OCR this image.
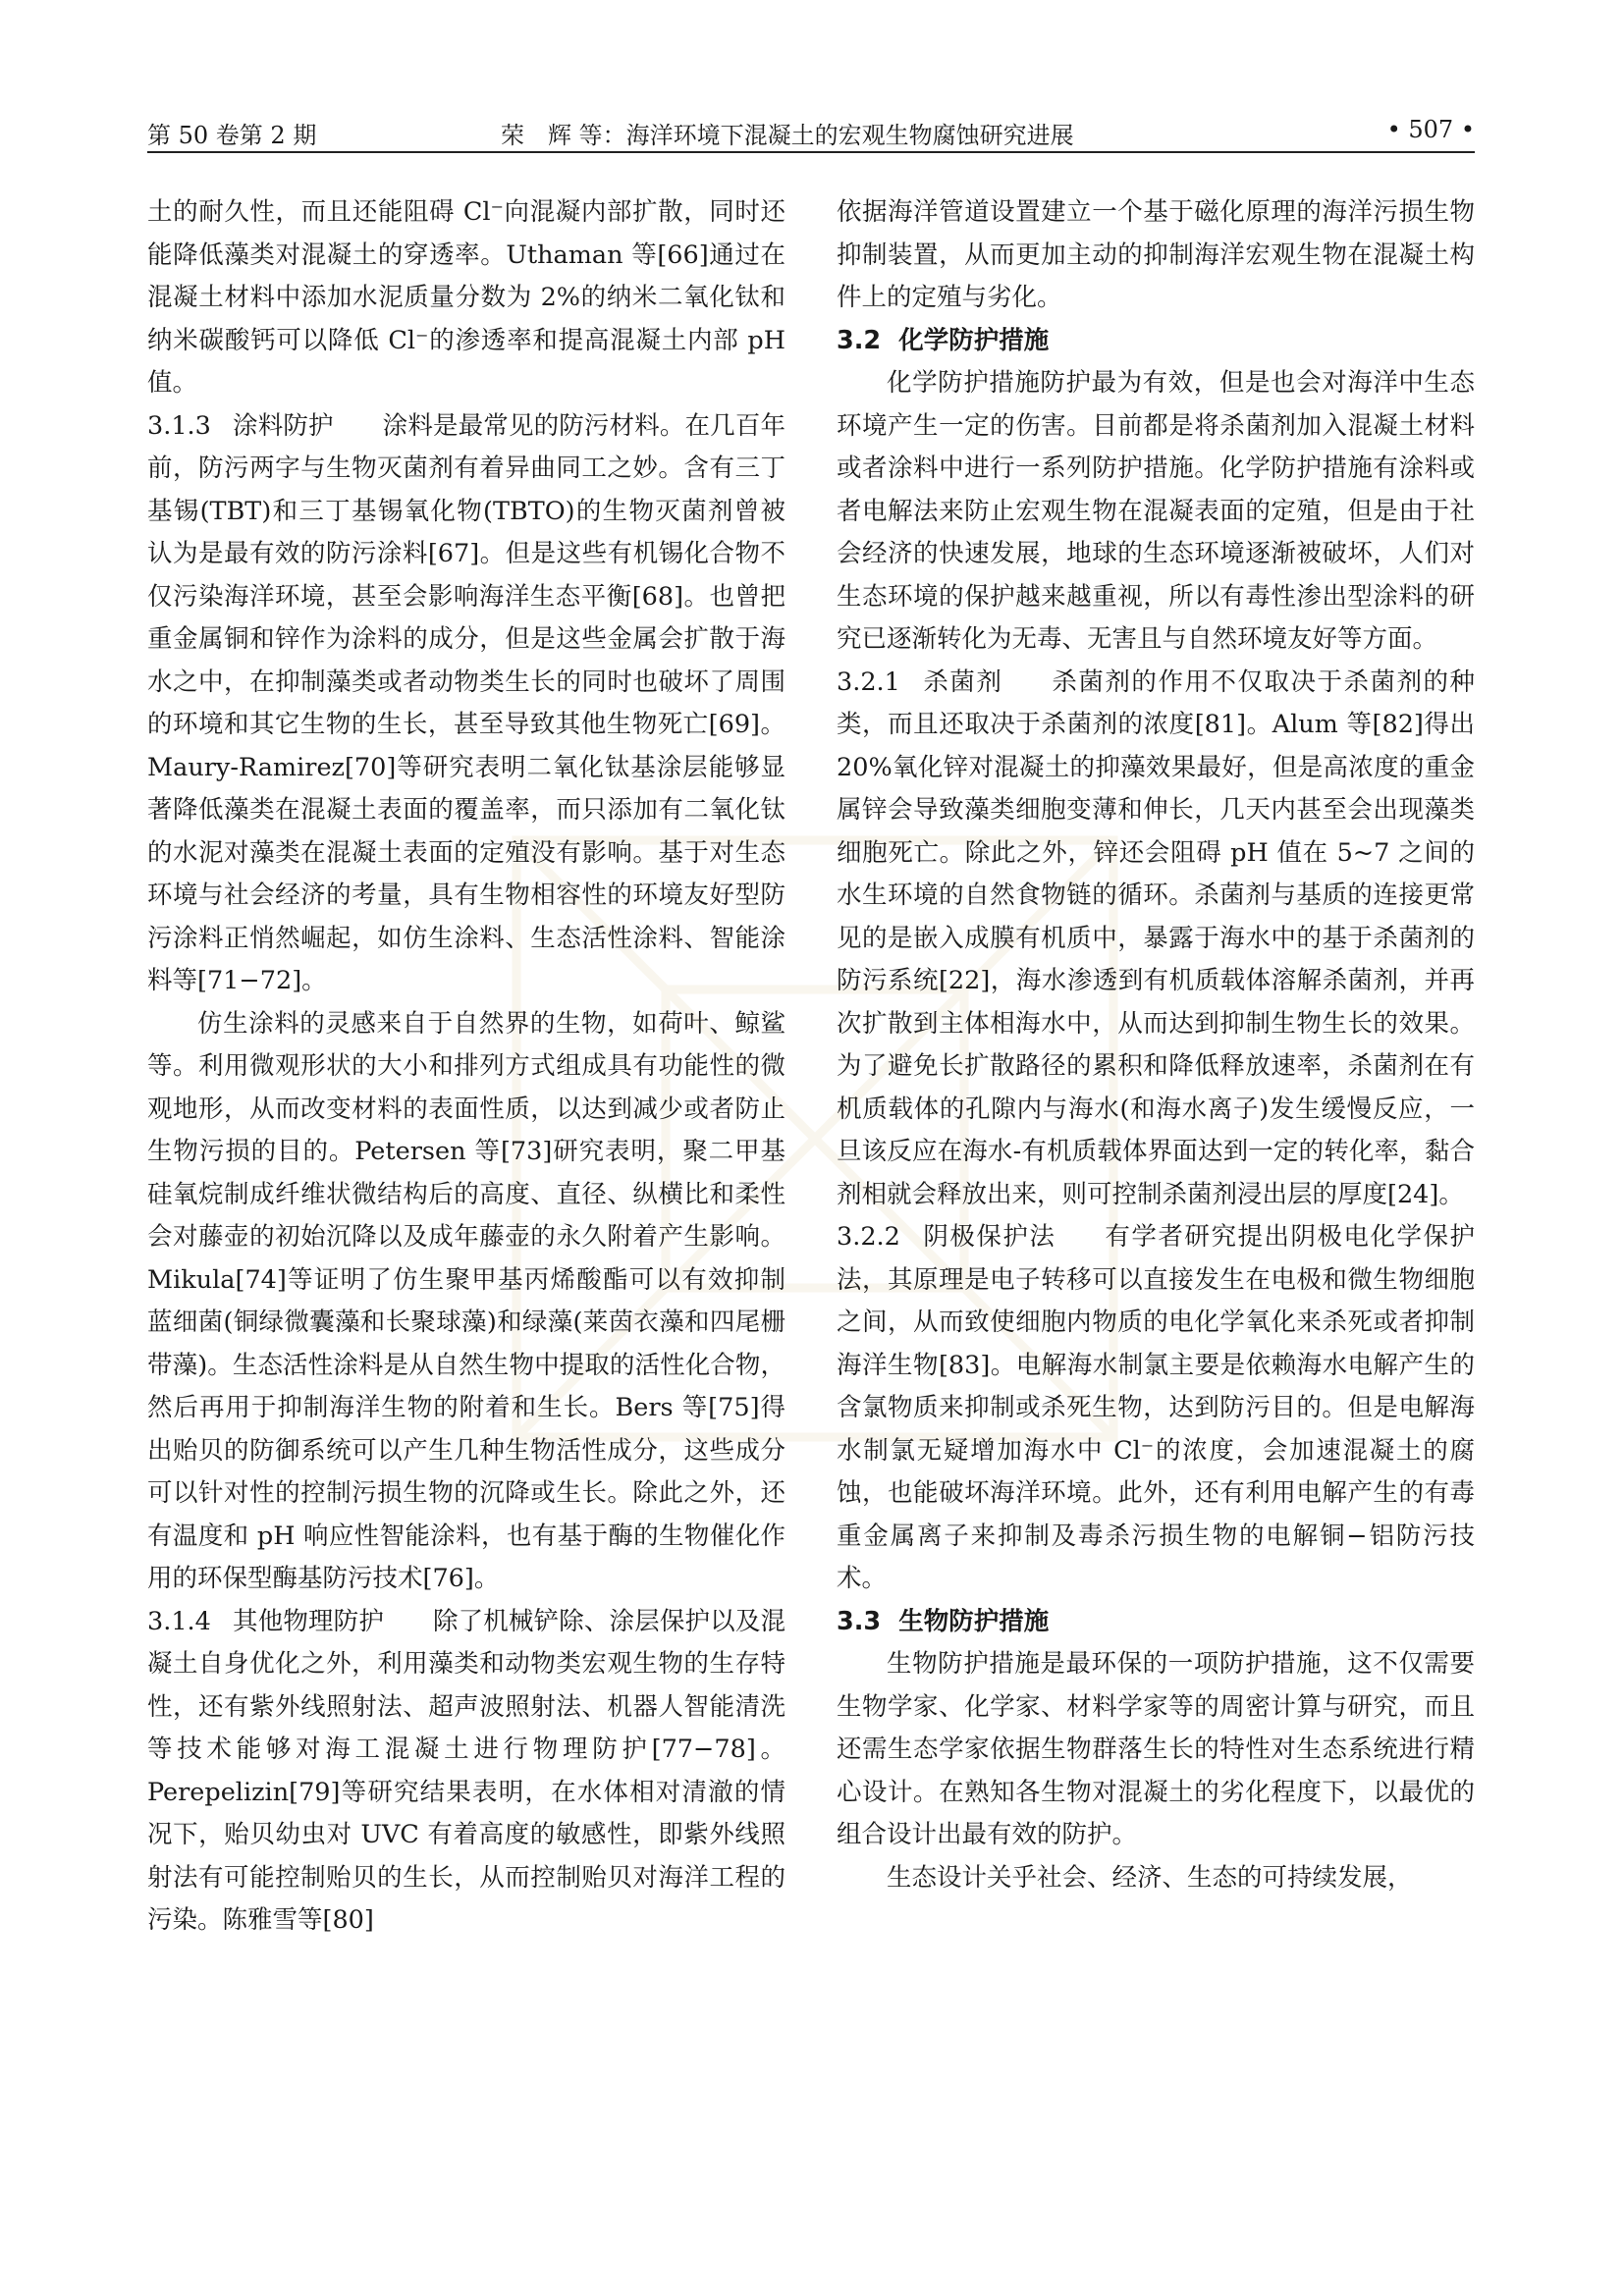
第 50 卷第 2 期	荣　辉 等：海洋环境下混凝土的宏观生物腐蚀研究进展	• 507 •

土的耐久性，而且还能阻碍 Cl⁻向混凝内部扩散，同时还能降低藻类对混凝土的穿透率。Uthaman 等[66]通过在混凝土材料中添加水泥质量分数为 2%的纳米二氧化钛和纳米碳酸钙可以降低 Cl⁻的渗透率和提高混凝土内部 pH 值。

3.1.3 涂料防护 涂料是最常见的防污材料。在几百年前，防污两字与生物灭菌剂有着异曲同工之妙。含有三丁基锡(TBT)和三丁基锡氧化物(TBTO)的生物灭菌剂曾被认为是最有效的防污涂料[67]。但是这些有机锡化合物不仅污染海洋环境，甚至会影响海洋生态平衡[68]。也曾把重金属铜和锌作为涂料的成分，但是这些金属会扩散于海水之中，在抑制藻类或者动物类生长的同时也破坏了周围的环境和其它生物的生长，甚至导致其他生物死亡[69]。Maury-Ramirez[70]等研究表明二氧化钛基涂层能够显著降低藻类在混凝土表面的覆盖率，而只添加有二氧化钛的水泥对藻类在混凝土表面的定殖没有影响。基于对生态环境与社会经济的考量，具有生物相容性的环境友好型防污涂料正悄然崛起，如仿生涂料、生态活性涂料、智能涂料等[71−72]。

仿生涂料的灵感来自于自然界的生物，如荷叶、鲸鲨等。利用微观形状的大小和排列方式组成具有功能性的微观地形，从而改变材料的表面性质，以达到减少或者防止生物污损的目的。Petersen 等[73]研究表明，聚二甲基硅氧烷制成纤维状微结构后的高度、直径、纵横比和柔性会对藤壶的初始沉降以及成年藤壶的永久附着产生影响。Mikula[74]等证明了仿生聚甲基丙烯酸酯可以有效抑制蓝细菌(铜绿微囊藻和长聚球藻)和绿藻(莱茵衣藻和四尾栅带藻)。生态活性涂料是从自然生物中提取的活性化合物，然后再用于抑制海洋生物的附着和生长。Bers 等[75]得出贻贝的防御系统可以产生几种生物活性成分，这些成分可以针对性的控制污损生物的沉降或生长。除此之外，还有温度和 pH 响应性智能涂料，也有基于酶的生物催化作用的环保型酶基防污技术[76]。

3.1.4 其他物理防护 除了机械铲除、涂层保护以及混凝土自身优化之外，利用藻类和动物类宏观生物的生存特性，还有紫外线照射法、超声波照射法、机器人智能清洗等技术能够对海工混凝土进行物理防护[77−78]。Perepelizin[79]等研究结果表明，在水体相对清澈的情况下，贻贝幼虫对 UVC 有着高度的敏感性，即紫外线照射法有可能控制贻贝的生长，从而控制贻贝对海洋工程的污染。陈雅雪等[80]

依据海洋管道设置建立一个基于磁化原理的海洋污损生物抑制装置，从而更加主动的抑制海洋宏观生物在混凝土构件上的定殖与劣化。

3.2 化学防护措施

化学防护措施防护最为有效，但是也会对海洋中生态环境产生一定的伤害。目前都是将杀菌剂加入混凝土材料或者涂料中进行一系列防护措施。化学防护措施有涂料或者电解法来防止宏观生物在混凝表面的定殖，但是由于社会经济的快速发展，地球的生态环境逐渐被破坏，人们对生态环境的保护越来越重视，所以有毒性渗出型涂料的研究已逐渐转化为无毒、无害且与自然环境友好等方面。

3.2.1 杀菌剂 杀菌剂的作用不仅取决于杀菌剂的种类，而且还取决于杀菌剂的浓度[81]。Alum 等[82]得出 20%氧化锌对混凝土的抑藻效果最好，但是高浓度的重金属锌会导致藻类细胞变薄和伸长，几天内甚至会出现藻类细胞死亡。除此之外，锌还会阻碍 pH 值在 5~7 之间的水生环境的自然食物链的循环。杀菌剂与基质的连接更常见的是嵌入成膜有机质中，暴露于海水中的基于杀菌剂的防污系统[22]，海水渗透到有机质载体溶解杀菌剂，并再次扩散到主体相海水中，从而达到抑制生物生长的效果。为了避免长扩散路径的累积和降低释放速率，杀菌剂在有机质载体的孔隙内与海水(和海水离子)发生缓慢反应，一旦该反应在海水-有机质载体界面达到一定的转化率，黏合剂相就会释放出来，则可控制杀菌剂浸出层的厚度[24]。

3.2.2 阴极保护法 有学者研究提出阴极电化学保护法，其原理是电子转移可以直接发生在电极和微生物细胞之间，从而致使细胞内物质的电化学氧化来杀死或者抑制海洋生物[83]。电解海水制氯主要是依赖海水电解产生的含氯物质来抑制或杀死生物，达到防污目的。但是电解海水制氯无疑增加海水中 Cl⁻的浓度，会加速混凝土的腐蚀，也能破坏海洋环境。此外，还有利用电解产生的有毒重金属离子来抑制及毒杀污损生物的电解铜−铝防污技术。

3.3 生物防护措施

生物防护措施是最环保的一项防护措施，这不仅需要生物学家、化学家、材料学家等的周密计算与研究，而且还需生态学家依据生物群落生长的特性对生态系统进行精心设计。在熟知各生物对混凝土的劣化程度下，以最优的组合设计出最有效的防护。

生态设计关乎社会、经济、生态的可持续发展，
